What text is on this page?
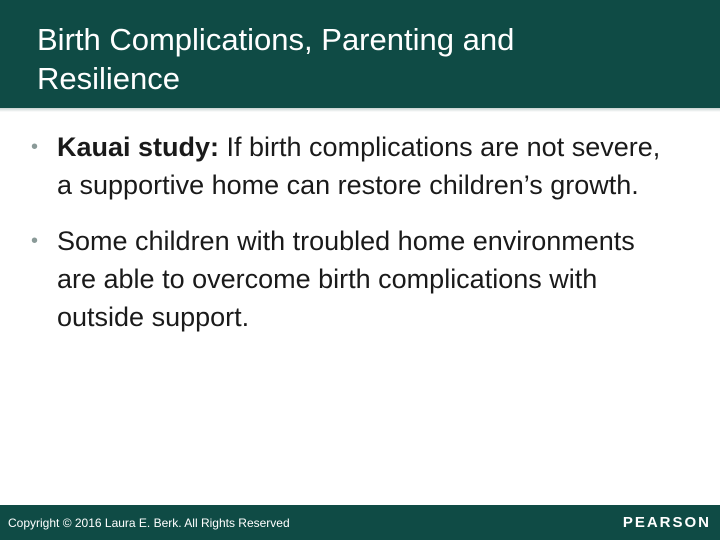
Birth Complications, Parenting and
Resilience
• Kauai study: If birth complications are not severe, a supportive home can restore children’s growth.
• Some children with troubled home environments are able to overcome birth complications with outside support.
Copyright © 2016 Laura E. Berk. All Rights Reserved	PEARSON
